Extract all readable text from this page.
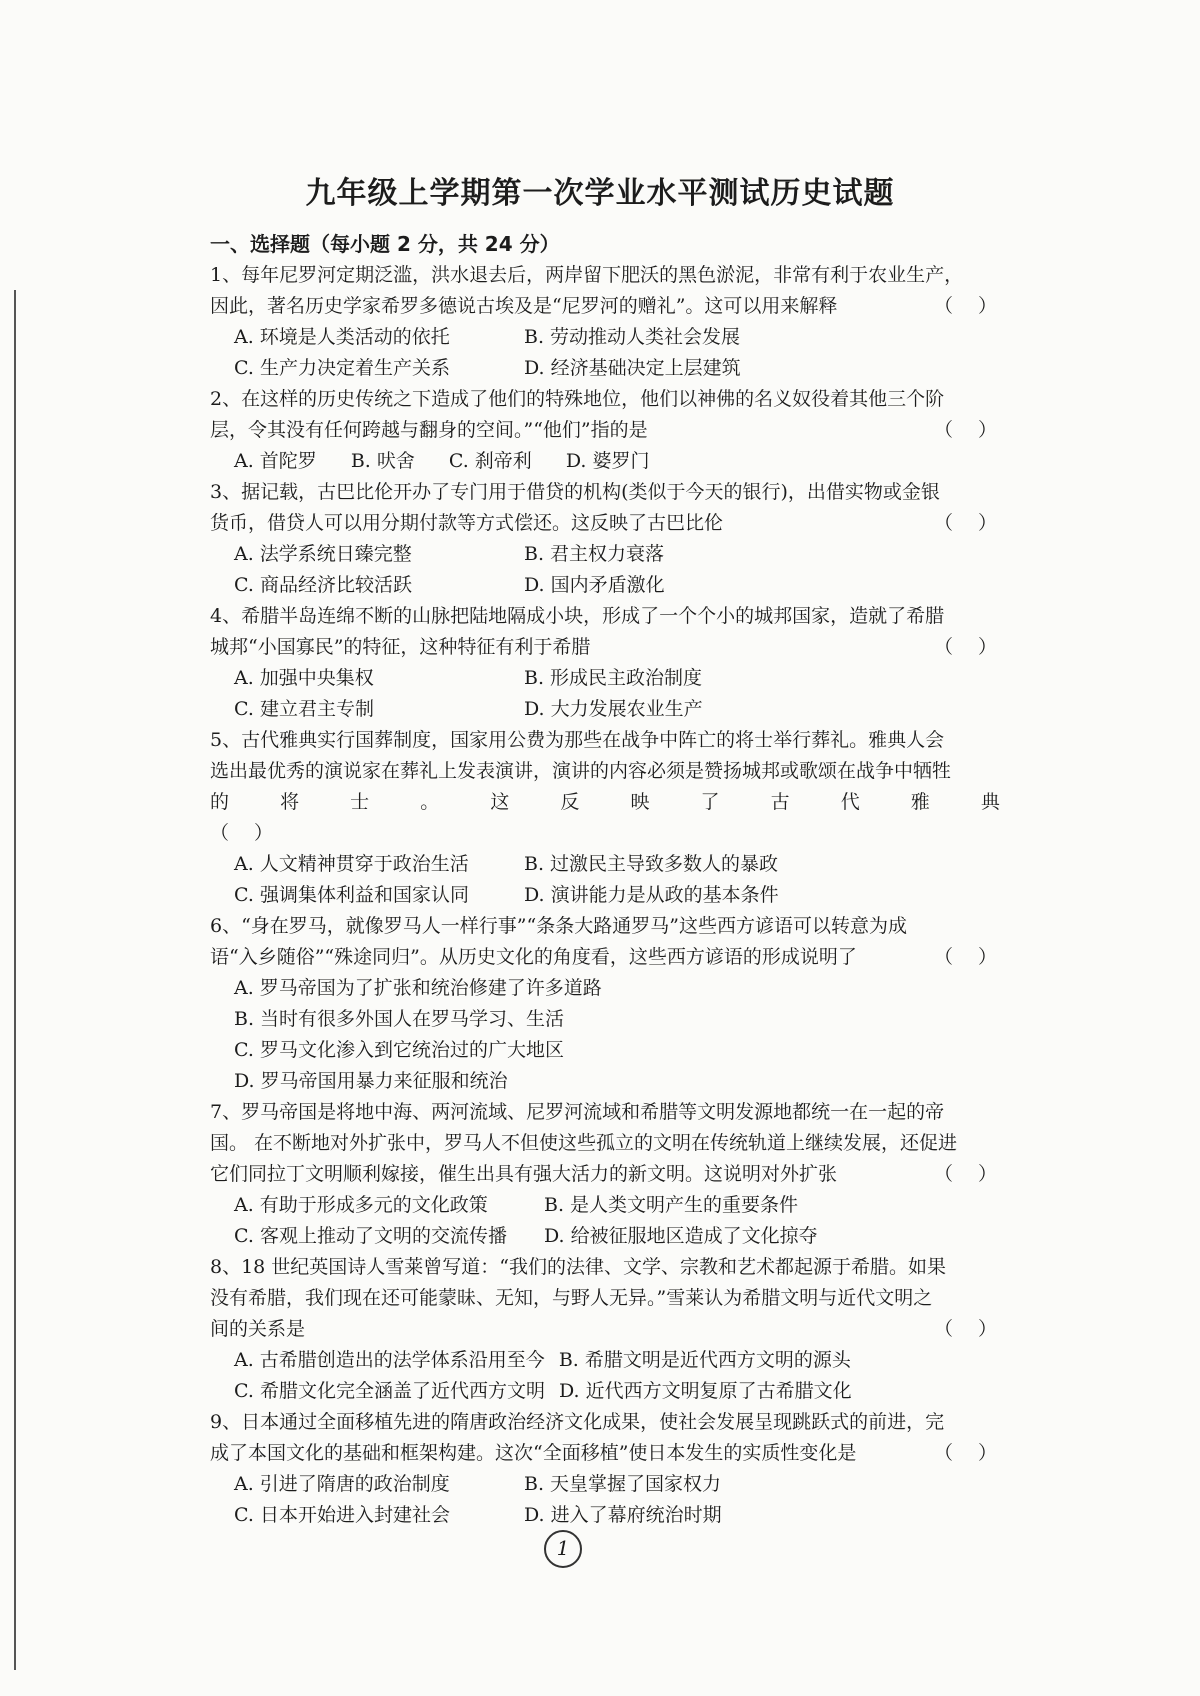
九年级上学期第一次学业水平测试历史试题
一、选择题（每小题 2 分，共 24 分）
1、每年尼罗河定期泛滥，洪水退去后，两岸留下肥沃的黑色淤泥，非常有利于农业生产，
因此，著名历史学家希罗多德说古埃及是“尼罗河的赠礼”。这可以用来解释	（　 ）
A. 环境是人类活动的依托	B. 劳动推动人类社会发展
C. 生产力决定着生产关系	D. 经济基础决定上层建筑
2、在这样的历史传统之下造成了他们的特殊地位，他们以神佛的名义奴役着其他三个阶
层，令其没有任何跨越与翻身的空间。”“他们”指的是	（　 ）
A. 首陀罗 B. 吠舍 C. 刹帝利 D. 婆罗门
3、据记载，古巴比伦开办了专门用于借贷的机构(类似于今天的银行)，出借实物或金银
货币，借贷人可以用分期付款等方式偿还。这反映了古巴比伦	（　 ）
A. 法学系统日臻完整	B. 君主权力衰落
C. 商品经济比较活跃	D. 国内矛盾激化
4、希腊半岛连绵不断的山脉把陆地隔成小块，形成了一个个小的城邦国家，造就了希腊
城邦“小国寡民”的特征，这种特征有利于希腊	（　 ）
A. 加强中央集权	B. 形成民主政治制度
C. 建立君主专制	D. 大力发展农业生产
5、古代雅典实行国葬制度，国家用公费为那些在战争中阵亡的将士举行葬礼。雅典人会
选出最优秀的演说家在葬礼上发表演讲，演讲的内容必须是赞扬城邦或歌颂在战争中牺牲
的	将	士	。	这	反	映	了	古	代	雅	典
（　 ）
A. 人文精神贯穿于政治生活	B. 过激民主导致多数人的暴政
C. 强调集体利益和国家认同	D. 演讲能力是从政的基本条件
6、“身在罗马，就像罗马人一样行事”“条条大路通罗马”这些西方谚语可以转意为成
语“入乡随俗”“殊途同归”。从历史文化的角度看，这些西方谚语的形成说明了	（　 ）
A. 罗马帝国为了扩张和统治修建了许多道路
B. 当时有很多外国人在罗马学习、生活
C. 罗马文化渗入到它统治过的广大地区
D. 罗马帝国用暴力来征服和统治
7、罗马帝国是将地中海、两河流域、尼罗河流域和希腊等文明发源地都统一在一起的帝
国。 在不断地对外扩张中，罗马人不但使这些孤立的文明在传统轨道上继续发展，还促进
它们同拉丁文明顺利嫁接，催生出具有强大活力的新文明。这说明对外扩张	（　 ）
A. 有助于形成多元的文化政策	B. 是人类文明产生的重要条件
C. 客观上推动了文明的交流传播	D. 给被征服地区造成了文化掠夺
8、18 世纪英国诗人雪莱曾写道：“我们的法律、文学、宗教和艺术都起源于希腊。如果
没有希腊，我们现在还可能蒙昧、无知，与野人无异。”雪莱认为希腊文明与近代文明之
间的关系是	（　 ）
A. 古希腊创造出的法学体系沿用至今 B. 希腊文明是近代西方文明的源头
C. 希腊文化完全涵盖了近代西方文明 D. 近代西方文明复原了古希腊文化
9、日本通过全面移植先进的隋唐政治经济文化成果，使社会发展呈现跳跃式的前进，完
成了本国文化的基础和框架构建。这次“全面移植”使日本发生的实质性变化是	（　 ）
A. 引进了隋唐的政治制度	B. 天皇掌握了国家权力
C. 日本开始进入封建社会	D. 进入了幕府统治时期
1
